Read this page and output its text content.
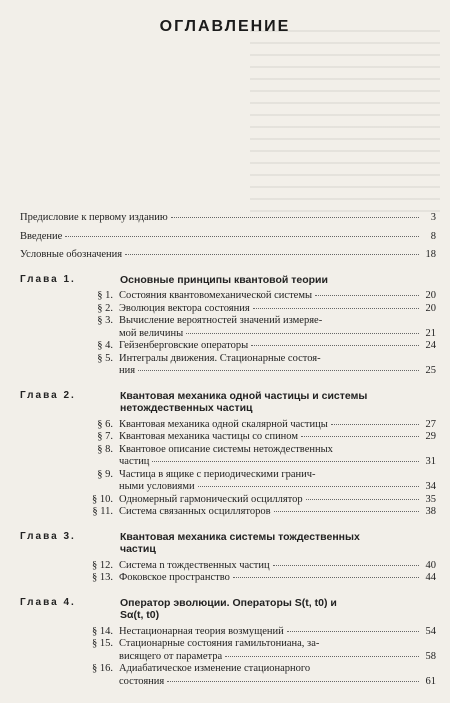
ОГЛАВЛЕНИЕ
Предисловие к первому изданию	3
Введение	8
Условные обозначения	18
Глава 1.	Основные принципы квантовой теории
§ 1. Состояния квантовомеханической системы	20
§ 2. Эволюция вектора состояния	20
§ 3. Вычисление вероятностей значений измеряе-
мой величины	21
§ 4. Гейзенберговские операторы	24
§ 5. Интегралы движения. Стационарные состоя-
ния	25
Глава 2.	Квантовая механика одной частицы и системы
нетождественных частиц
§ 6. Квантовая механика одной скалярной частицы	27
§ 7. Квантовая механика частицы со спином	29
§ 8. Квантовое описание системы нетождественных
частиц	31
§ 9. Частица в ящике с периодическими гранич-
ными условиями	34
§ 10. Одномерный гармонический осциллятор	35
§ 11. Система связанных осцилляторов	38
Глава 3.	Квантовая механика системы тождественных
частиц
§ 12. Система n тождественных частиц	40
§ 13. Фоковское пространство	44
Глава 4.	Оператор эволюции. Операторы S(t, t0) и
Sα(t, t0)
§ 14. Нестационарная теория возмущений	54
§ 15. Стационарные состояния гамильтониана, за-
висящего от параметра	58
§ 16. Адиабатическое изменение стационарного
состояния	61
